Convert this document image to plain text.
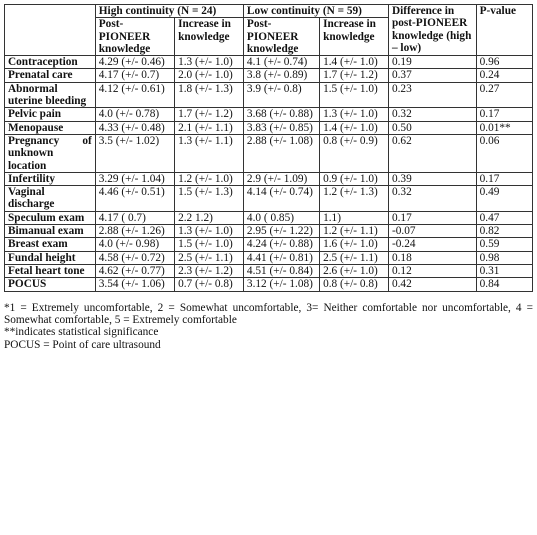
	High continuity (N = 24)		Low continuity (N = 59)		Difference in post-PIONEER knowledge (high – low)	P-value
	Post-PIONEER knowledge	Increase in knowledge	Post-PIONEER knowledge	Increase in knowledge		
Contraception	4.29 (+/- 0.46)	1.3 (+/- 1.0)	4.1 (+/- 0.74)	1.4 (+/- 1.0)	0.19	0.96
Prenatal care	4.17 (+/- 0.7)	2.0 (+/- 1.0)	3.8 (+/- 0.89)	1.7 (+/- 1.2)	0.37	0.24
Abnormal uterine bleeding	4.12 (+/- 0.61)	1.8 (+/- 1.3)	3.9 (+/- 0.8)	1.5 (+/- 1.0)	0.23	0.27
Pelvic pain	4.0 (+/- 0.78)	1.7 (+/- 1.2)	3.68 (+/- 0.88)	1.3 (+/- 1.0)	0.32	0.17
Menopause	4.33 (+/- 0.48)	2.1 (+/- 1.1)	3.83 (+/- 0.85)	1.4 (+/- 1.0)	0.50	0.01**
Pregnancy of unknown location	3.5 (+/- 1.02)	1.3 (+/- 1.1)	2.88 (+/- 1.08)	0.8 (+/- 0.9)	0.62	0.06
Infertility	3.29 (+/- 1.04)	1.2 (+/- 1.0)	2.9 (+/- 1.09)	0.9 (+/- 1.0)	0.39	0.17
Vaginal discharge	4.46 (+/- 0.51)	1.5 (+/- 1.3)	4.14 (+/- 0.74)	1.2 (+/- 1.3)	0.32	0.49
Speculum exam	4.17 ( 0.7)	2.2 1.2)	4.0 ( 0.85)	1.1)	0.17	0.47
Bimanual exam	2.88 (+/- 1.26)	1.3 (+/- 1.0)	2.95 (+/- 1.22)	1.2 (+/- 1.1)	-0.07	0.82
Breast exam	4.0 (+/- 0.98)	1.5 (+/- 1.0)	4.24 (+/- 0.88)	1.6 (+/- 1.0)	-0.24	0.59
Fundal height	4.58 (+/- 0.72)	2.5 (+/- 1.1)	4.41 (+/- 0.81)	2.5 (+/- 1.1)	0.18	0.98
Fetal heart tone	4.62 (+/- 0.77)	2.3 (+/- 1.2)	4.51 (+/- 0.84)	2.6 (+/- 1.0)	0.12	0.31
POCUS	3.54 (+/- 1.06)	0.7 (+/- 0.8)	3.12 (+/- 1.08)	0.8 (+/- 0.8)	0.42	0.84
*1 = Extremely uncomfortable, 2 = Somewhat uncomfortable, 3= Neither comfortable nor uncomfortable, 4 = Somewhat comfortable, 5 = Extremely comfortable
**indicates statistical significance
POCUS = Point of care ultrasound
